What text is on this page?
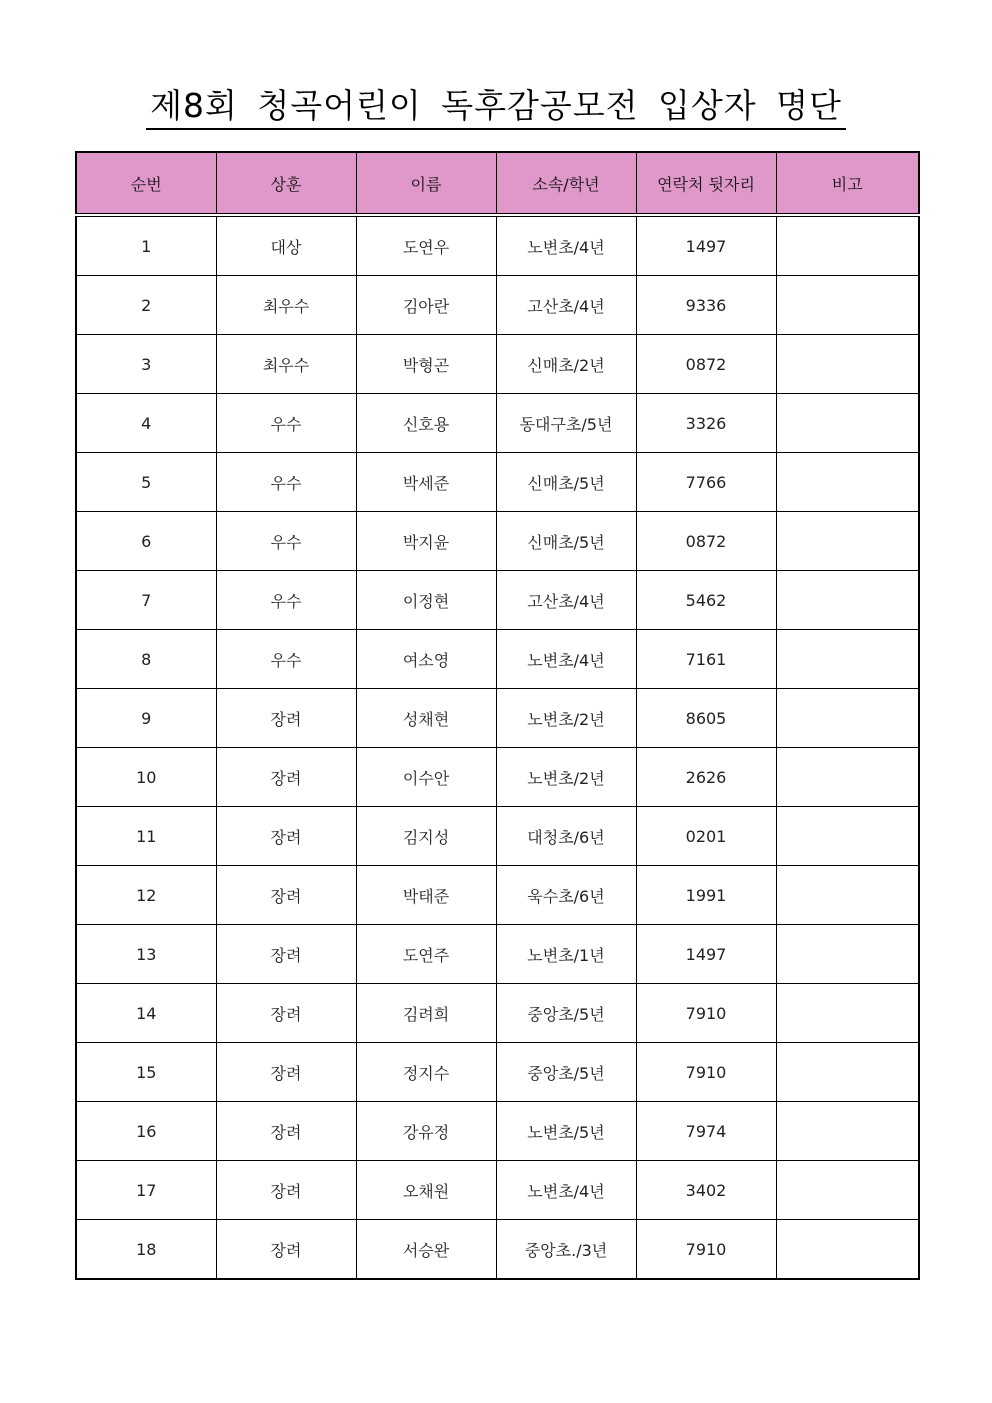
제8회 청곡어린이 독후감공모전 입상자 명단
순번	상훈	이름	소속/학년	연락처 뒷자리	비고
1	대상	도연우	노변초/4년	1497	
2	최우수	김아란	고산초/4년	9336	
3	최우수	박형곤	신매초/2년	0872	
4	우수	신호용	동대구초/5년	3326	
5	우수	박세준	신매초/5년	7766	
6	우수	박지윤	신매초/5년	0872	
7	우수	이정현	고산초/4년	5462	
8	우수	여소영	노변초/4년	7161	
9	장려	성채현	노변초/2년	8605	
10	장려	이수안	노변초/2년	2626	
11	장려	김지성	대청초/6년	0201	
12	장려	박태준	욱수초/6년	1991	
13	장려	도연주	노변초/1년	1497	
14	장려	김려희	중앙초/5년	7910	
15	장려	정지수	중앙초/5년	7910	
16	장려	강유정	노변초/5년	7974	
17	장려	오채원	노변초/4년	3402	
18	장려	서승완	중앙초./3년	7910	
